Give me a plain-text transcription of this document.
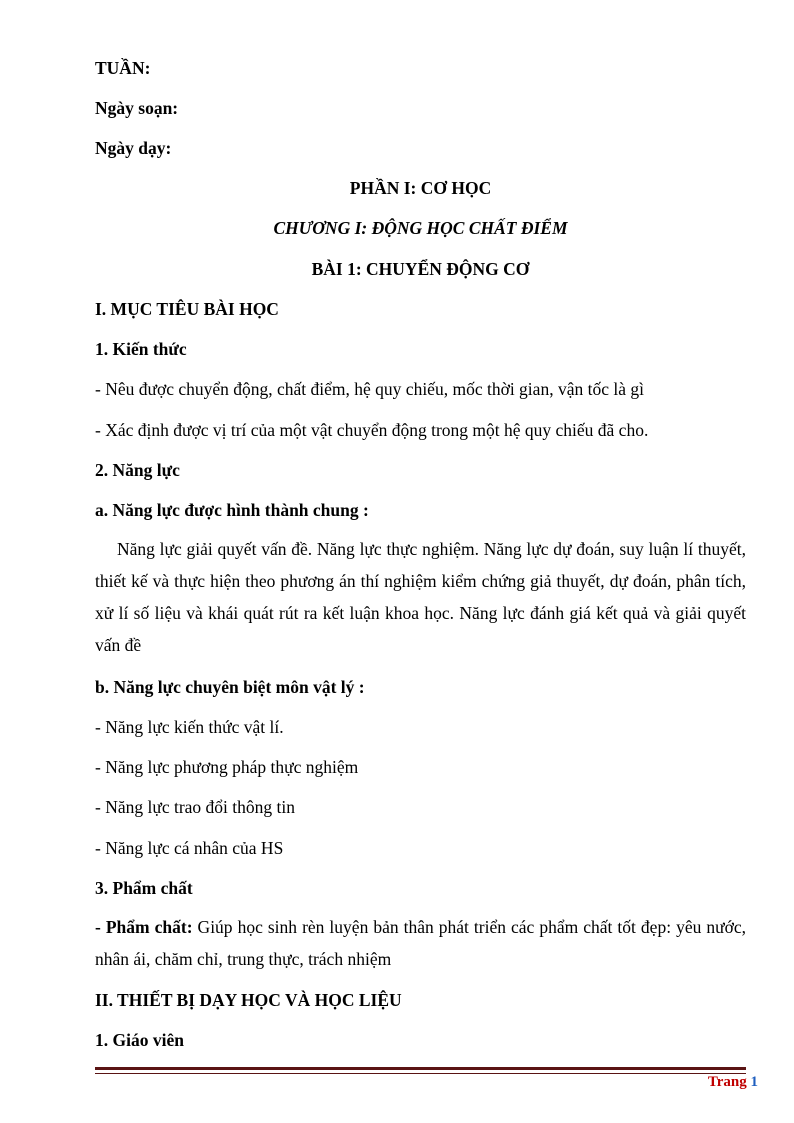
TUẦN:
Ngày soạn:
Ngày dạy:
PHẦN I: CƠ HỌC
CHƯƠNG I: ĐỘNG HỌC CHẤT ĐIỂM
BÀI 1: CHUYỂN ĐỘNG CƠ
I. MỤC TIÊU BÀI HỌC
1. Kiến thức
- Nêu được chuyển động, chất điểm, hệ quy chiếu, mốc thời gian, vận tốc là gì
- Xác định được vị trí của một vật chuyển động trong một hệ quy chiếu đã cho.
2. Năng lực
a. Năng lực được hình thành chung :
Năng lực giải quyết vấn đề. Năng lực thực nghiệm. Năng lực dự đoán, suy luận lí thuyết, thiết kế và thực hiện theo phương án thí nghiệm kiểm chứng giả thuyết, dự đoán, phân tích, xử lí số liệu và khái quát rút ra kết luận khoa học. Năng lực đánh giá kết quả và giải quyết vấn đề
b. Năng lực chuyên biệt môn vật lý :
- Năng lực kiến thức vật lí.
- Năng lực phương pháp thực nghiệm
- Năng lực trao đổi thông tin
- Năng lực cá nhân của HS
3. Phẩm chất
- Phẩm chất: Giúp học sinh rèn luyện bản thân phát triển các phẩm chất tốt đẹp: yêu nước, nhân ái, chăm chỉ, trung thực, trách nhiệm
II. THIẾT BỊ DẠY HỌC VÀ HỌC LIỆU
1. Giáo viên
Trang 1
